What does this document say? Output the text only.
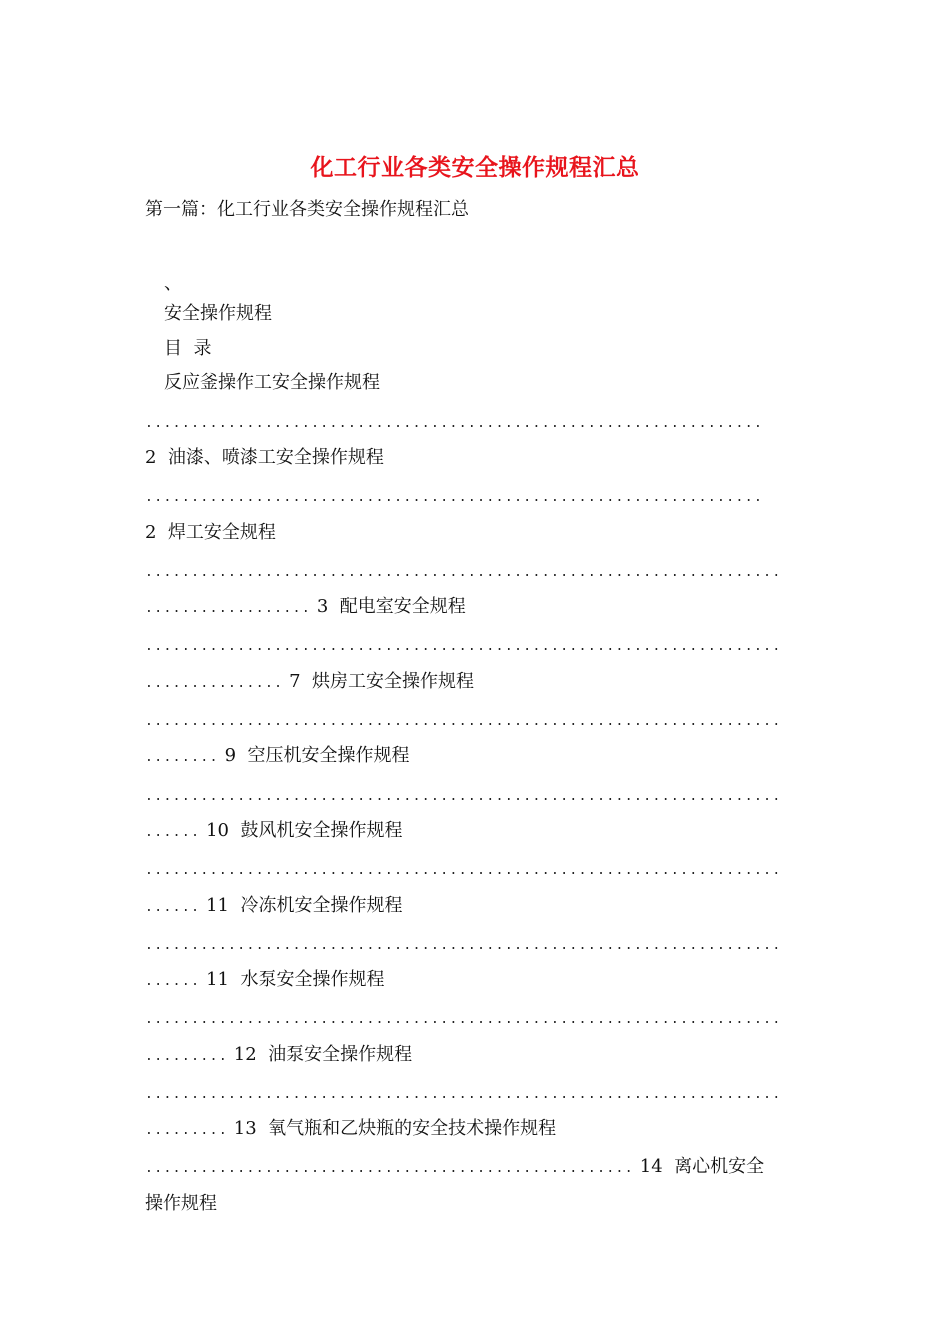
化工行业各类安全操作规程汇总
第一篇：化工行业各类安全操作规程汇总
、
安全操作规程
目  录
反应釜操作工安全操作规程
...................................................................
2  油漆、喷漆工安全操作规程
...................................................................
2  焊工安全规程
.....................................................................
.................. 3  配电室安全规程
.....................................................................
............... 7  烘房工安全操作规程
.....................................................................
........ 9  空压机安全操作规程
.....................................................................
...... 10  鼓风机安全操作规程
.....................................................................
...... 11  冷冻机安全操作规程
.....................................................................
...... 11  水泵安全操作规程
.....................................................................
......... 12  油泵安全操作规程
.....................................................................
......... 13  氧气瓶和乙炔瓶的安全技术操作规程
..................................................... 14  离心机安全
操作规程
